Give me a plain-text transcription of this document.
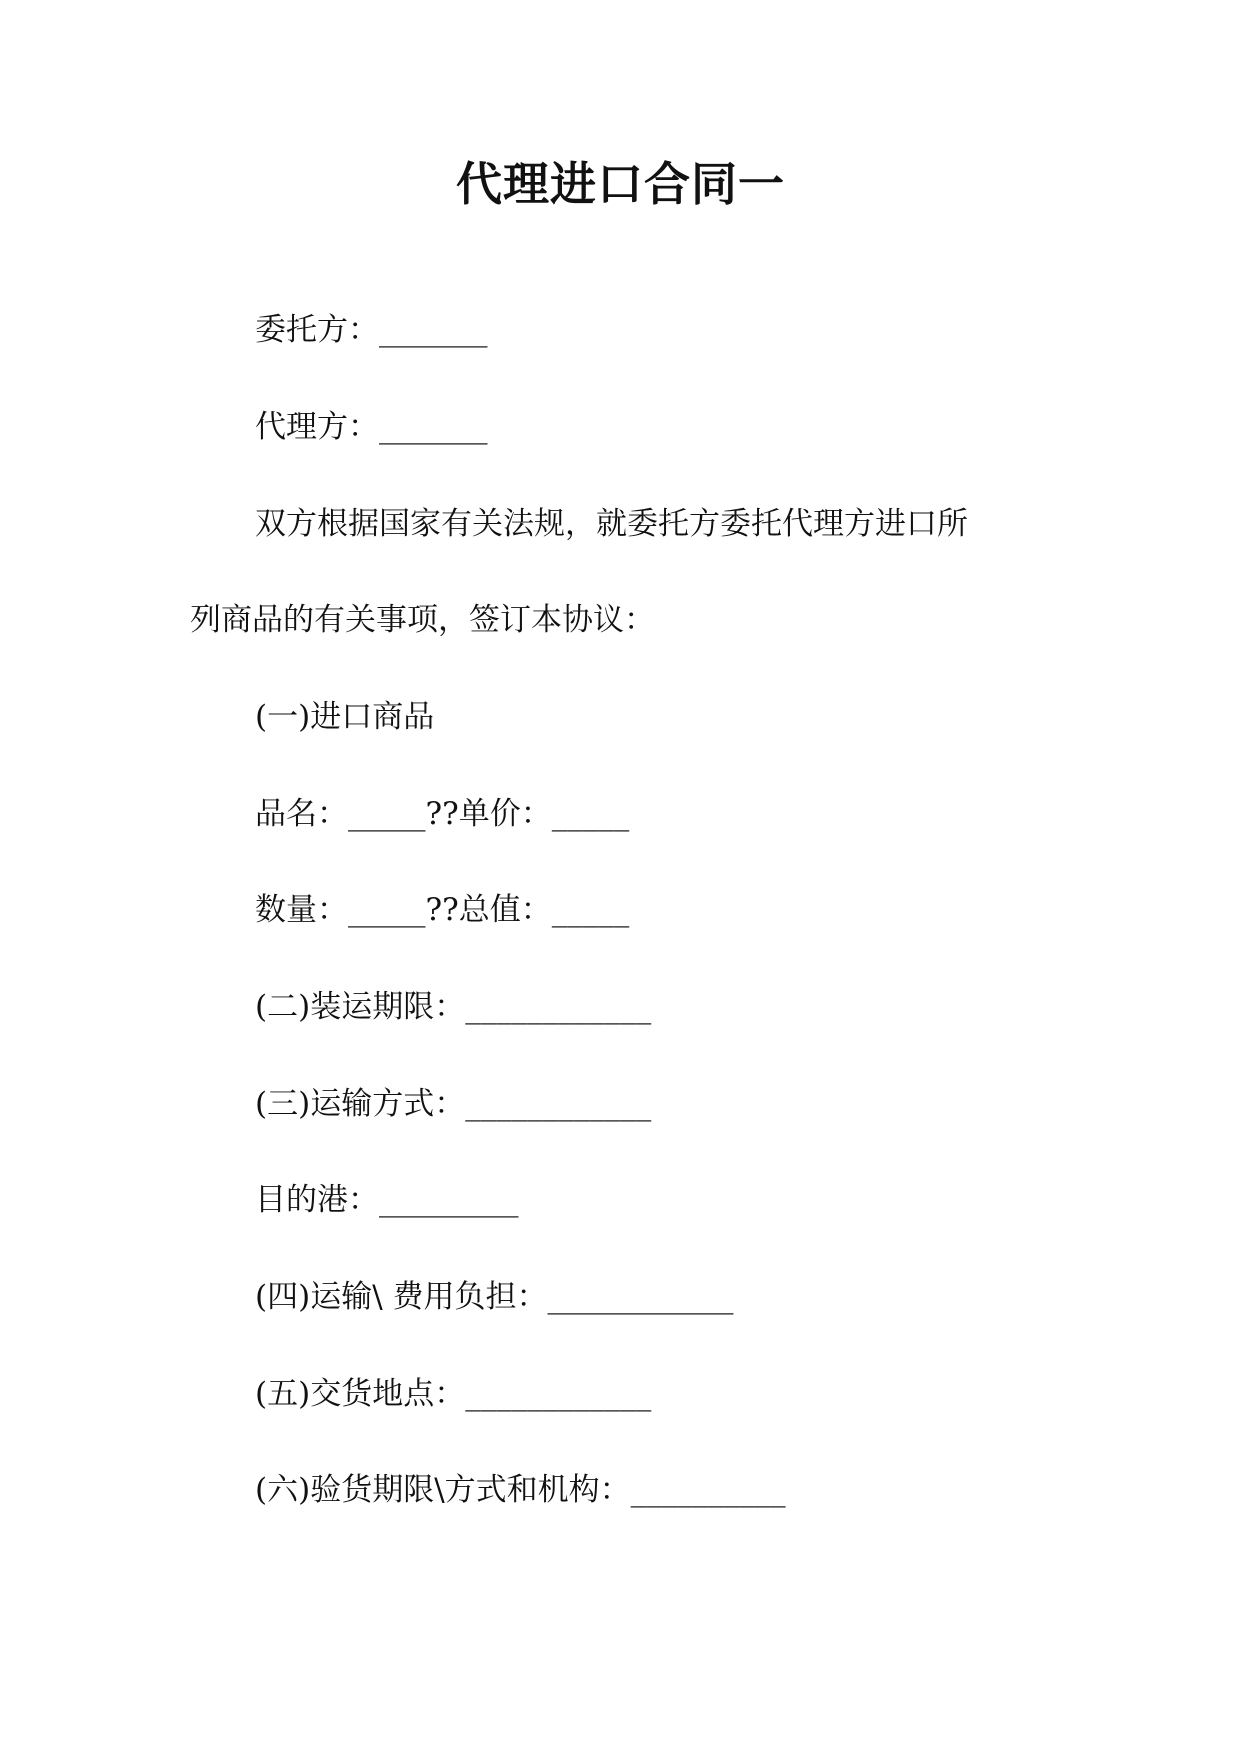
代理进口合同一
委托方：_______
代理方：_______
双方根据国家有关法规，就委托方委托代理方进口所
列商品的有关事项，签订本协议：
(一)进口商品
品名：_____??单价：_____
数量：_____??总值：_____
(二)装运期限：____________
(三)运输方式：____________
目的港：_________
(四)运输\ 费用负担：____________
(五)交货地点：____________
(六)验货期限\方式和机构：__________
